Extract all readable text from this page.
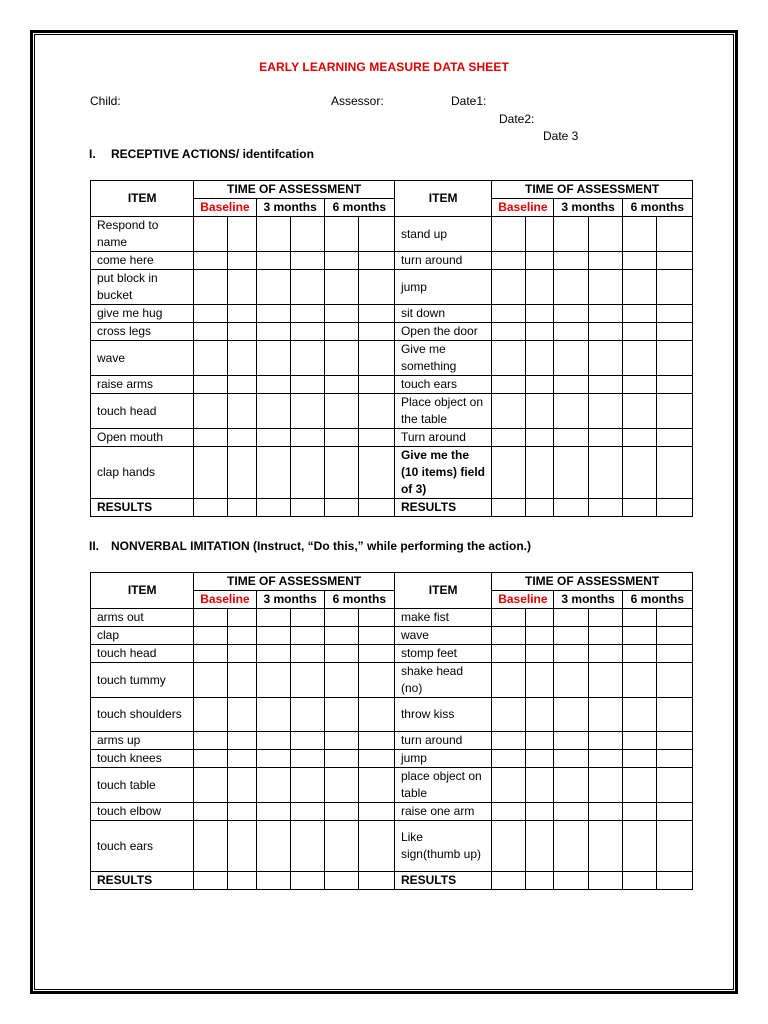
EARLY LEARNING MEASURE DATA SHEET
Child:	Assessor:	Date1:
Date2:
Date 3
I. RECEPTIVE ACTIONS/ identifcation
ITEM	TIME OF ASSESSMENT						ITEM	TIME OF ASSESSMENT					
	Baseline		3 months		6 months			Baseline		3 months		6 months	
Respond to name							stand up						
come here							turn around						
put block in bucket							jump						
give me hug							sit down						
cross legs							Open the door						
wave							Give me something						
raise arms							touch ears						
touch head							Place object on the table						
Open mouth							Turn around						
clap hands							Give me the (10 items) field of 3)						
RESULTS							RESULTS						
II. NONVERBAL IMITATION (Instruct, “Do this,” while performing the action.)
ITEM	TIME OF ASSESSMENT						ITEM	TIME OF ASSESSMENT					
	Baseline		3 months		6 months			Baseline		3 months		6 months	
arms out							make fist						
clap							wave						
touch head							stomp feet						
touch tummy							shake head (no)						
touch shoulders							throw kiss						
arms up							turn around						
touch knees							jump						
touch table							place object on table						
touch elbow							raise one arm						
touch ears							Like sign(thumb up)						
RESULTS							RESULTS						
